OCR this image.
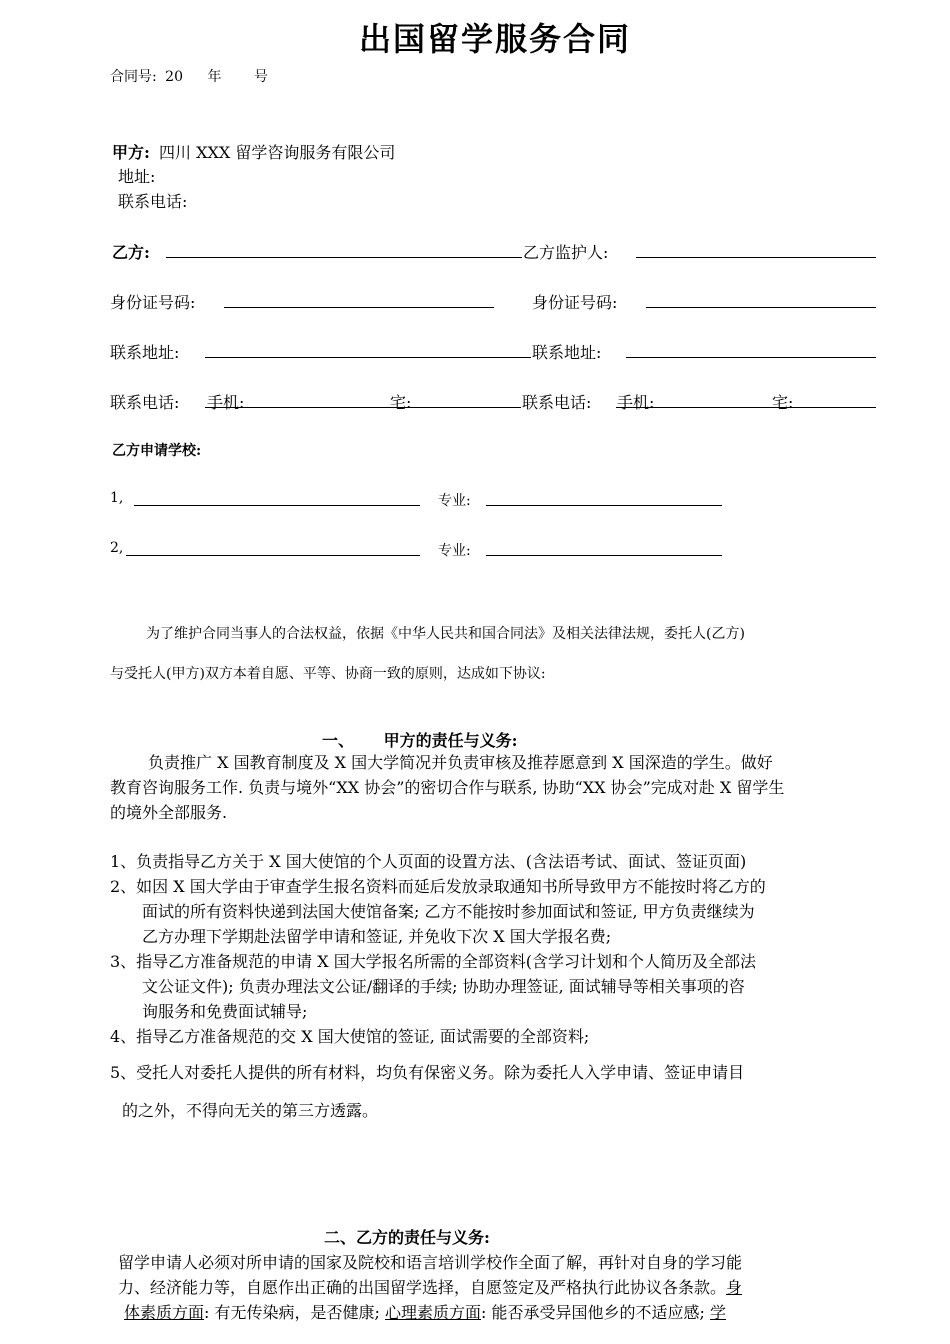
出国留学服务合同
合同号: 20 年 号
甲方: 四川 XXX 留学咨询服务有限公司
地址:
联系电话:
乙方:	乙方监护人:
身份证号码:	身份证号码:
联系地址:	联系地址:
联系电话: 手机:	宅:	联系电话: 手机:	宅:
乙方申请学校:
1,	专业:
2,	专业:
为了维护合同当事人的合法权益，依据《中华人民共和国合同法》及相关法律法规，委托人(乙方)
与受托人(甲方)双方本着自愿、平等、协商一致的原则，达成如下协议:
一、 甲方的责任与义务:
负责推广 X 国教育制度及 X 国大学简况并负责审核及推荐愿意到 X 国深造的学生。做好
教育咨询服务工作. 负责与境外“XX 协会”的密切合作与联系, 协助“XX 协会”完成对赴 X 留学生
的境外全部服务.
1、负责指导乙方关于 X 国大使馆的个人页面的设置方法、(含法语考试、面试、签证页面)
2、如因 X 国大学由于审查学生报名资料而延后发放录取通知书所导致甲方不能按时将乙方的
面试的所有资料快递到法国大使馆备案; 乙方不能按时参加面试和签证, 甲方负责继续为
乙方办理下学期赴法留学申请和签证, 并免收下次 X 国大学报名费;
3、指导乙方准备规范的申请 X 国大学报名所需的全部资料(含学习计划和个人简历及全部法
文公证文件); 负责办理法文公证/翻译的手续; 协助办理签证, 面试辅导等相关事项的咨
询服务和免费面试辅导;
4、指导乙方准备规范的交 X 国大使馆的签证, 面试需要的全部资料;
5、受托人对委托人提供的所有材料，均负有保密义务。除为委托人入学申请、签证申请目
的之外，不得向无关的第三方透露。
二、乙方的责任与义务:
留学申请人必须对所申请的国家及院校和语言培训学校作全面了解，再针对自身的学习能
力、经济能力等，自愿作出正确的出国留学选择，自愿签定及严格执行此协议各条款。身
体素质方面: 有无传染病，是否健康; 心理素质方面: 能否承受异国他乡的不适应感; 学
